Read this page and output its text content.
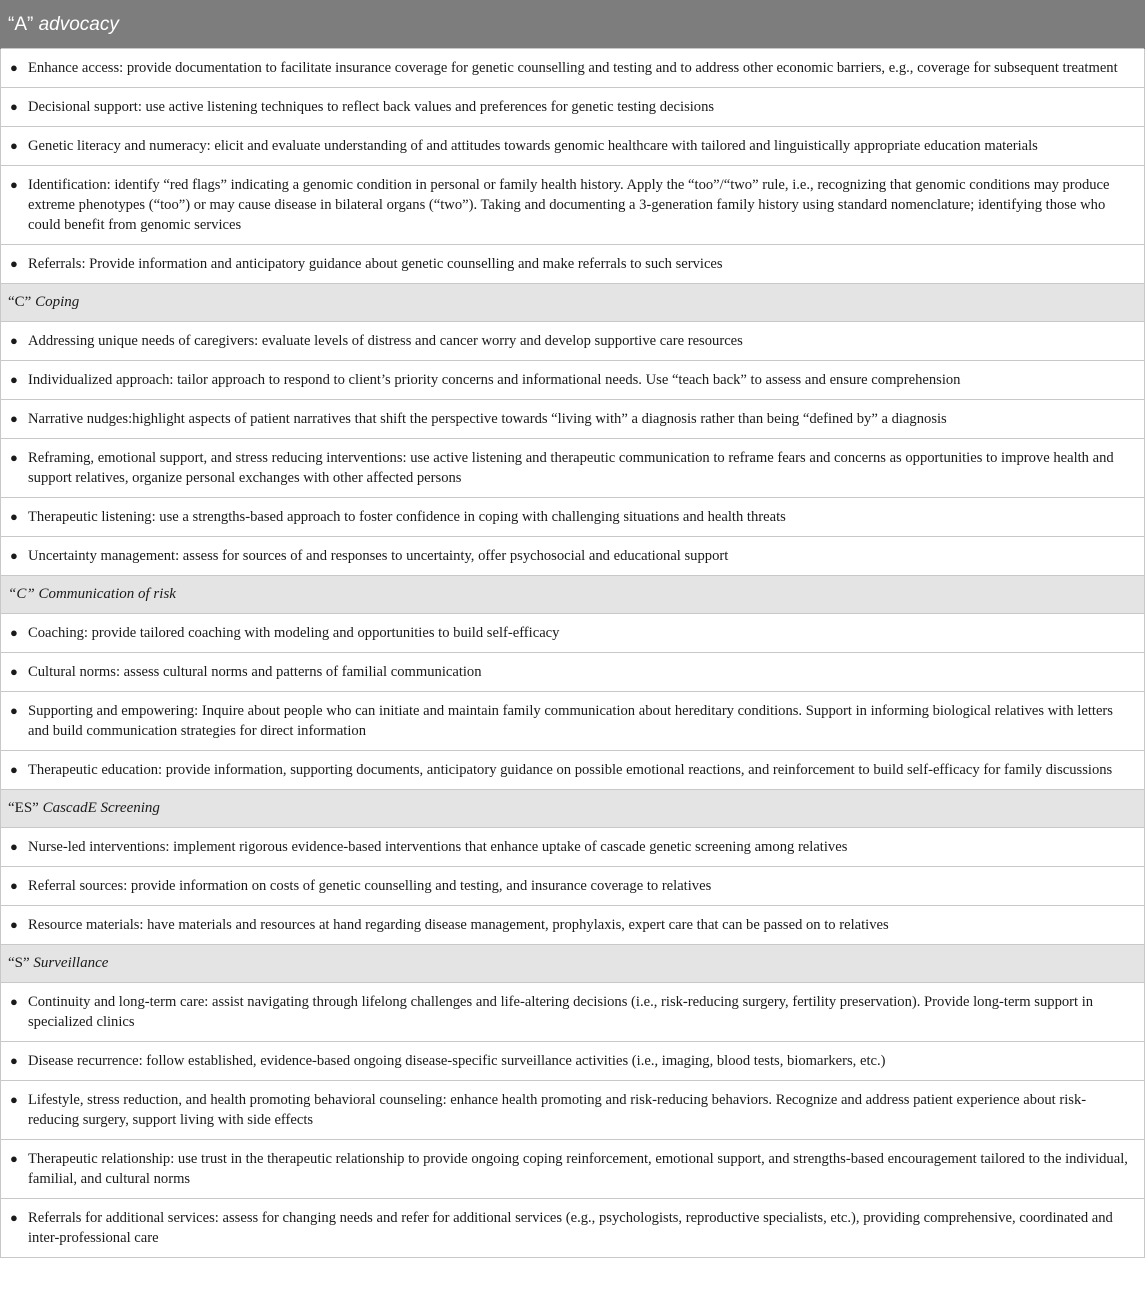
“A” advocacy

● Enhance access: provide documentation to facilitate insurance coverage for genetic counselling and testing and to address other economic barriers, e.g., coverage for subsequent treatment

● Decisional support: use active listening techniques to reflect back values and preferences for genetic testing decisions

● Genetic literacy and numeracy: elicit and evaluate understanding of and attitudes towards genomic healthcare with tailored and linguistically appropriate education materials

● Identification: identify “red flags” indicating a genomic condition in personal or family health history. Apply the “too”/“two” rule, i.e., recognizing that genomic conditions may produce extreme phenotypes (“too”) or may cause disease in bilateral organs (“two”). Taking and documenting a 3-generation family history using standard nomenclature; identifying those who could benefit from genomic services

● Referrals: Provide information and anticipatory guidance about genetic counselling and make referrals to such services
“C” Coping

● Addressing unique needs of caregivers: evaluate levels of distress and cancer worry and develop supportive care resources

● Individualized approach: tailor approach to respond to client’s priority concerns and informational needs. Use “teach back” to assess and ensure comprehension

● Narrative nudges:highlight aspects of patient narratives that shift the perspective towards “living with” a diagnosis rather than being “defined by” a diagnosis

● Reframing, emotional support, and stress reducing interventions: use active listening and therapeutic communication to reframe fears and concerns as opportunities to improve health and support relatives, organize personal exchanges with other affected persons

● Therapeutic listening: use a strengths-based approach to foster confidence in coping with challenging situations and health threats

● Uncertainty management: assess for sources of and responses to uncertainty, offer psychosocial and educational support
“C” Communication of risk

● Coaching: provide tailored coaching with modeling and opportunities to build self-efficacy

● Cultural norms: assess cultural norms and patterns of familial communication

● Supporting and empowering: Inquire about people who can initiate and maintain family communication about hereditary conditions. Support in informing biological relatives with letters and build communication strategies for direct information

● Therapeutic education: provide information, supporting documents, anticipatory guidance on possible emotional reactions, and reinforcement to build self-efficacy for family discussions
“ES” CascadE Screening

● Nurse-led interventions: implement rigorous evidence-based interventions that enhance uptake of cascade genetic screening among relatives

● Referral sources: provide information on costs of genetic counselling and testing, and insurance coverage to relatives

● Resource materials: have materials and resources at hand regarding disease management, prophylaxis, expert care that can be passed on to relatives
“S” Surveillance

● Continuity and long-term care: assist navigating through lifelong challenges and life-altering decisions (i.e., risk-reducing surgery, fertility preservation). Provide long-term support in specialized clinics

● Disease recurrence: follow established, evidence-based ongoing disease-specific surveillance activities (i.e., imaging, blood tests, biomarkers, etc.)

● Lifestyle, stress reduction, and health promoting behavioral counseling: enhance health promoting and risk-reducing behaviors. Recognize and address patient experience about risk-reducing surgery, support living with side effects

● Therapeutic relationship: use trust in the therapeutic relationship to provide ongoing coping reinforcement, emotional support, and strengths-based encouragement tailored to the individual, familial, and cultural norms

● Referrals for additional services: assess for changing needs and refer for additional services (e.g., psychologists, reproductive specialists, etc.), providing comprehensive, coordinated and inter-professional care
